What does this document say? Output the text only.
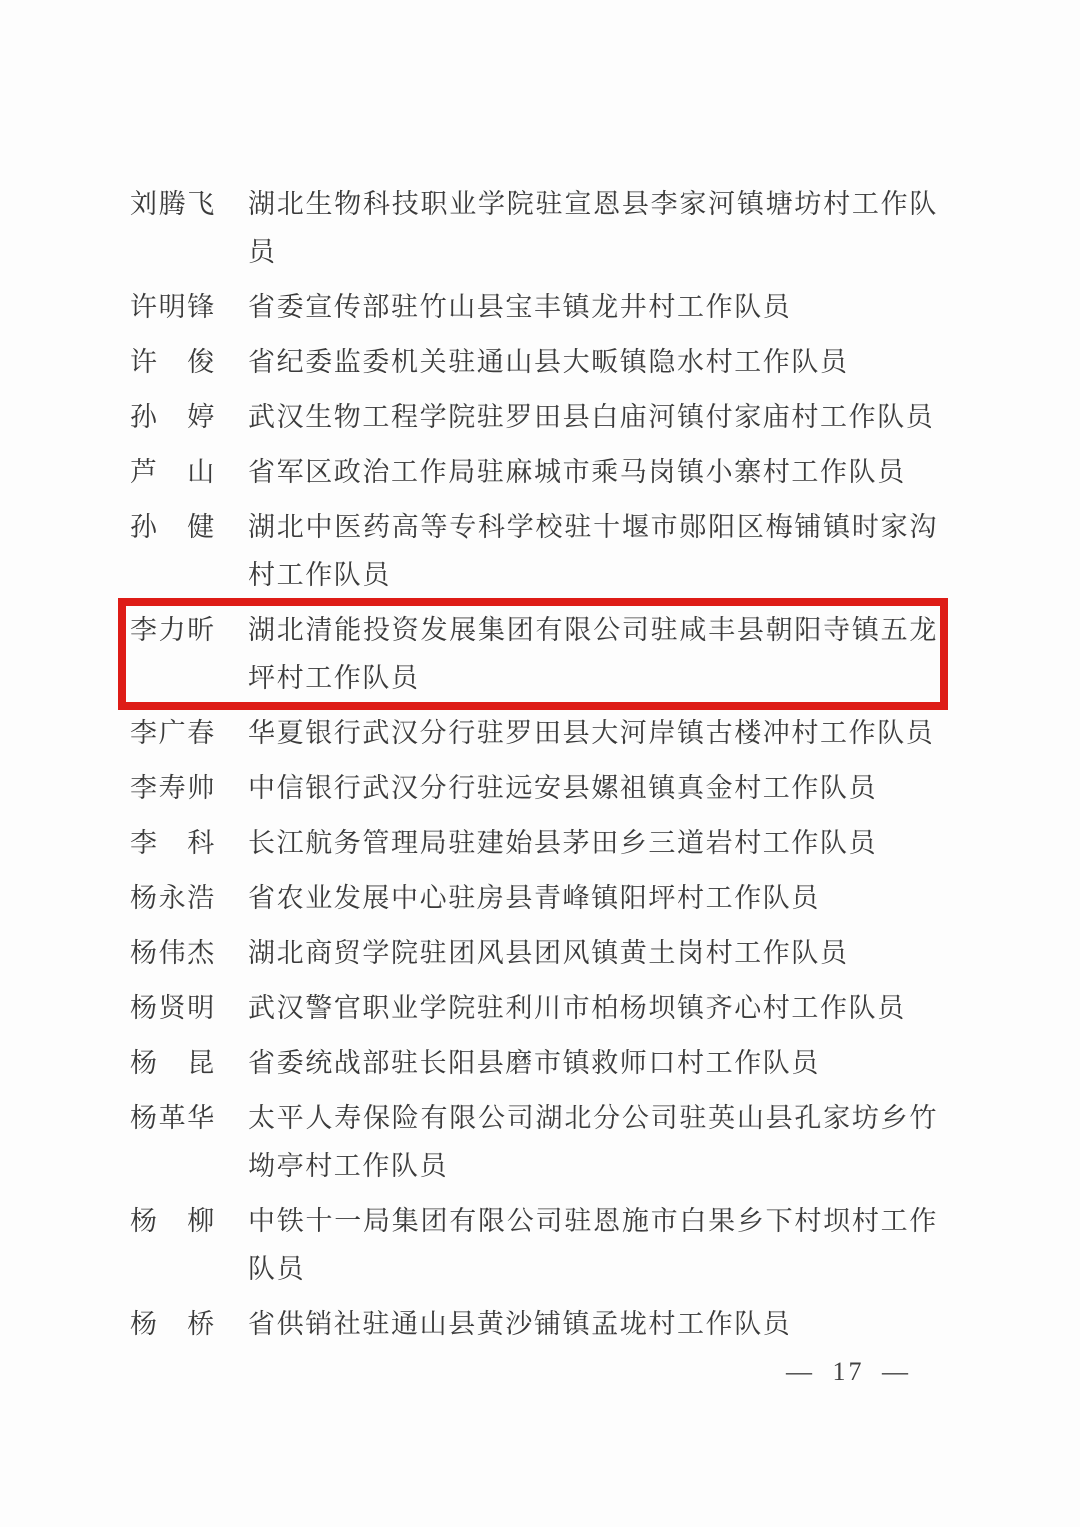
刘腾飞 湖北生物科技职业学院驻宣恩县李家河镇塘坊村工作队员
许明锋 省委宣传部驻竹山县宝丰镇龙井村工作队员
许　俊 省纪委监委机关驻通山县大畈镇隐水村工作队员
孙　婷 武汉生物工程学院驻罗田县白庙河镇付家庙村工作队员
芦　山 省军区政治工作局驻麻城市乘马岗镇小寨村工作队员
孙　健 湖北中医药高等专科学校驻十堰市郧阳区梅铺镇时家沟村工作队员
李力昕 湖北清能投资发展集团有限公司驻咸丰县朝阳寺镇五龙坪村工作队员
李广春 华夏银行武汉分行驻罗田县大河岸镇古楼冲村工作队员
李寿帅 中信银行武汉分行驻远安县嫘祖镇真金村工作队员
李　科 长江航务管理局驻建始县茅田乡三道岩村工作队员
杨永浩 省农业发展中心驻房县青峰镇阳坪村工作队员
杨伟杰 湖北商贸学院驻团风县团风镇黄土岗村工作队员
杨贤明 武汉警官职业学院驻利川市柏杨坝镇齐心村工作队员
杨　昆 省委统战部驻长阳县磨市镇救师口村工作队员
杨革华 太平人寿保险有限公司湖北分公司驻英山县孔家坊乡竹坳亭村工作队员
杨　柳 中铁十一局集团有限公司驻恩施市白果乡下村坝村工作队员
杨　桥 省供销社驻通山县黄沙铺镇孟垅村工作队员
— 17 —
